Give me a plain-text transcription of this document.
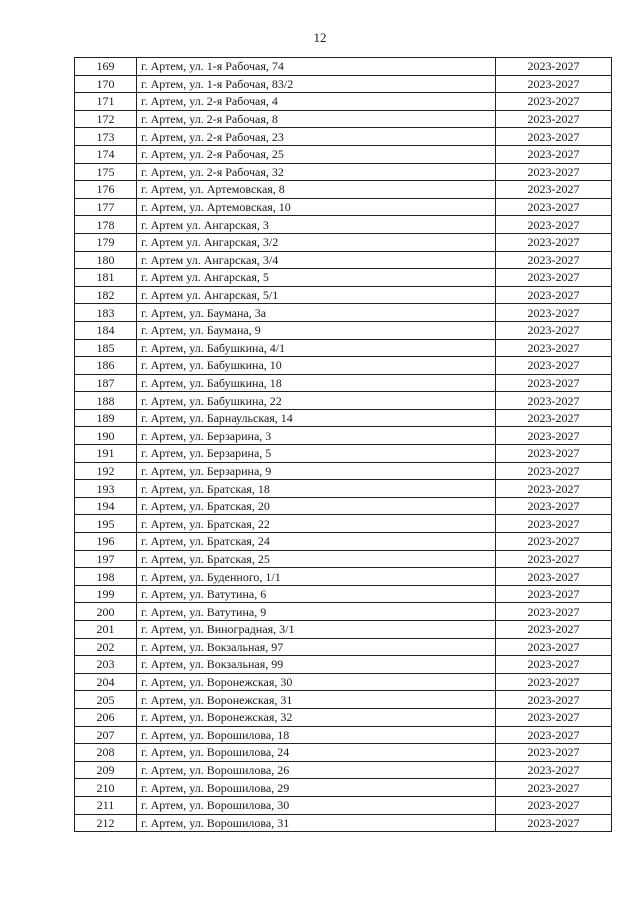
12
169	г. Артем, ул. 1-я Рабочая, 74	2023-2027
170	г. Артем, ул. 1-я Рабочая, 83/2	2023-2027
171	г. Артем, ул. 2-я Рабочая, 4	2023-2027
172	г. Артем, ул. 2-я Рабочая, 8	2023-2027
173	г. Артем, ул. 2-я Рабочая, 23	2023-2027
174	г. Артем, ул. 2-я Рабочая, 25	2023-2027
175	г. Артем, ул. 2-я Рабочая, 32	2023-2027
176	г. Артем, ул. Артемовская, 8	2023-2027
177	г. Артем, ул. Артемовская, 10	2023-2027
178	г. Артем ул. Ангарская, 3	2023-2027
179	г. Артем ул. Ангарская, 3/2	2023-2027
180	г. Артем ул. Ангарская, 3/4	2023-2027
181	г. Артем ул. Ангарская, 5	2023-2027
182	г. Артем ул. Ангарская, 5/1	2023-2027
183	г. Артем, ул. Баумана, 3а	2023-2027
184	г. Артем, ул. Баумана, 9	2023-2027
185	г. Артем, ул. Бабушкина, 4/1	2023-2027
186	г. Артем, ул. Бабушкина, 10	2023-2027
187	г. Артем, ул. Бабушкина, 18	2023-2027
188	г. Артем, ул. Бабушкина, 22	2023-2027
189	г. Артем, ул. Барнаульская, 14	2023-2027
190	г. Артем, ул. Берзарина, 3	2023-2027
191	г. Артем, ул. Берзарина, 5	2023-2027
192	г. Артем, ул. Берзарина, 9	2023-2027
193	г. Артем, ул. Братская, 18	2023-2027
194	г. Артем, ул. Братская, 20	2023-2027
195	г. Артем, ул. Братская, 22	2023-2027
196	г. Артем, ул. Братская, 24	2023-2027
197	г. Артем, ул. Братская, 25	2023-2027
198	г. Артем, ул. Буденного, 1/1	2023-2027
199	г. Артем, ул. Ватутина, 6	2023-2027
200	г. Артем, ул. Ватутина, 9	2023-2027
201	г. Артем, ул. Виноградная, 3/1	2023-2027
202	г. Артем, ул. Вокзальная, 97	2023-2027
203	г. Артем, ул. Вокзальная, 99	2023-2027
204	г. Артем, ул. Воронежская, 30	2023-2027
205	г. Артем, ул. Воронежская, 31	2023-2027
206	г. Артем, ул. Воронежская, 32	2023-2027
207	г. Артем, ул. Ворошилова, 18	2023-2027
208	г. Артем, ул. Ворошилова, 24	2023-2027
209	г. Артем, ул. Ворошилова, 26	2023-2027
210	г. Артем, ул. Ворошилова, 29	2023-2027
211	г. Артем, ул. Ворошилова, 30	2023-2027
212	г. Артем, ул. Ворошилова, 31	2023-2027
